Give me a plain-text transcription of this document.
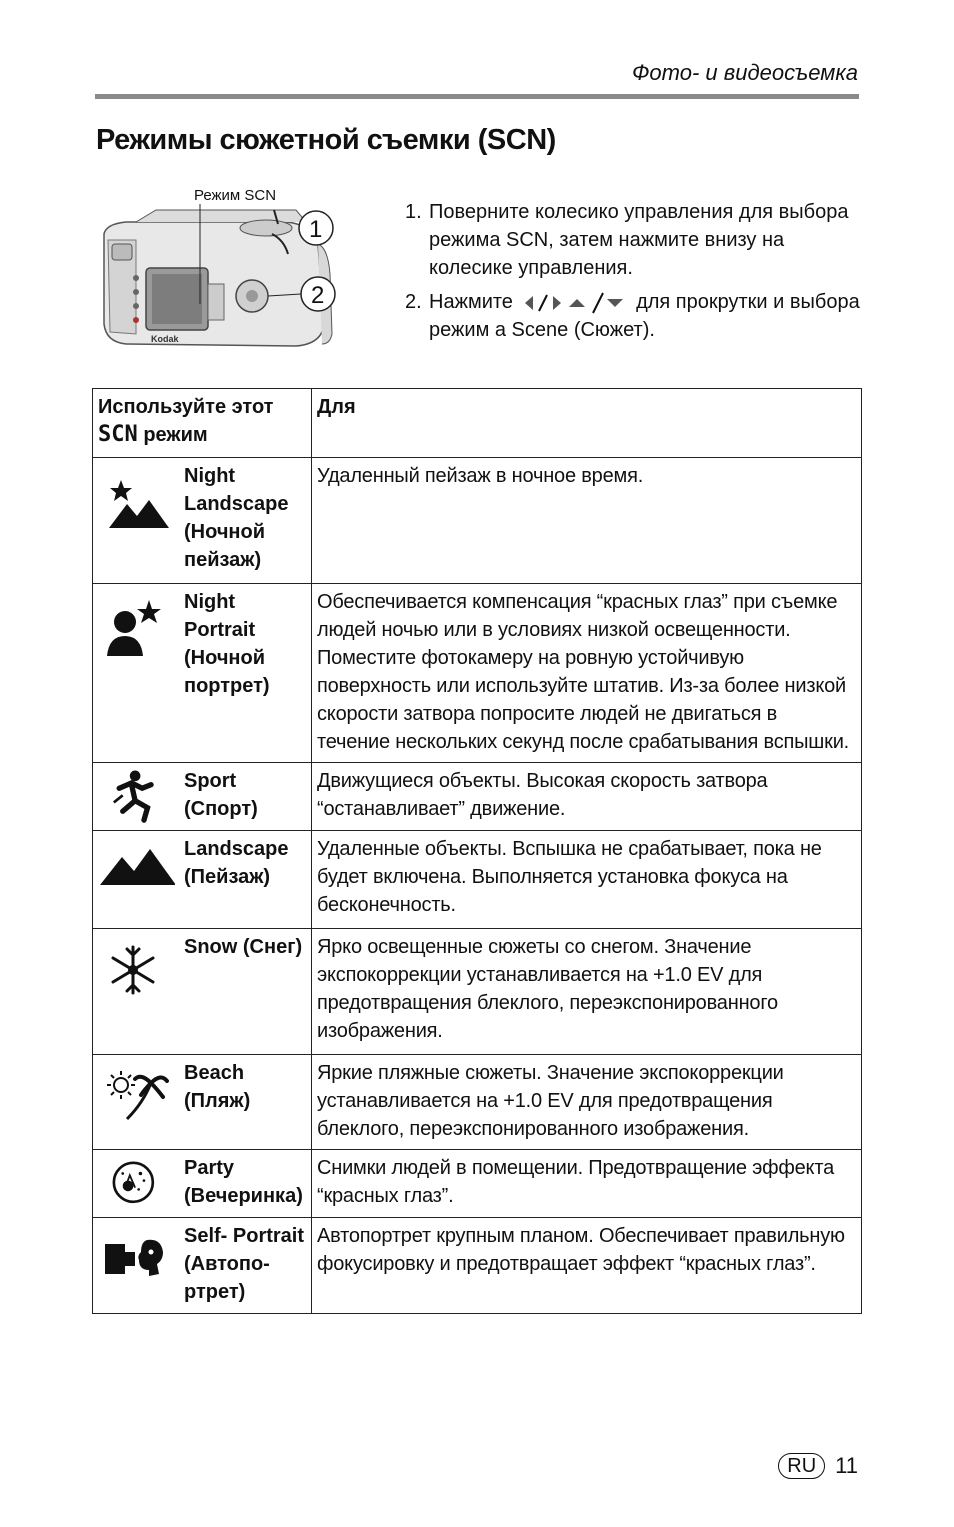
Фото- и видеосъемка
Режимы сюжетной съемки (SCN)
Режим SCN
Kodak
1
2
1. Поверните колесико управления для выбора режима SCN, затем нажмите внизу на колесике управления.
2. Нажмите	для прокрутки и выбора режим а Scene (Сюжет).
Используйте этот
SCN режим	Для

Night Landscape (Ночной пейзаж)	Удаленный пейзаж в ночное время.

Night Portrait (Ночной портрет)	Обеспечивается компенсация “красных глаз” при съемке людей ночью или в условиях низкой освещенности. Поместите фотокамеру на ровную устойчивую поверхность или используйте штатив. Из-за более низкой скорости затвора попросите людей не двигаться в течение нескольких секунд после срабатывания вспышки.

Sport (Спорт)	Движущиеся объекты. Высокая скорость затвора “останавливает” движение.

Landscape (Пейзаж)	Удаленные объекты. Вспышка не срабатывает, пока не будет включена. Выполняется установка фокуса на бесконечность.

Snow (Снег)	Ярко освещенные сюжеты со снегом. Значение экспокоррекции устанавливается на +1.0 EV для предотвращения блеклого, переэкспонированного изображения.

Beach (Пляж)	Яркие пляжные сюжеты. Значение экспокоррекции устанавливается на +1.0 EV для предотвращения блеклого, переэкспонированного изображения.

Party (Вечеринка)	Снимки людей в помещении. Предотвращение эффекта “красных глаз”.

Self- Portrait (Автопо-ртрет)	Автопортрет крупным планом. Обеспечивает правильную фокусировку и предотвращает эффект “красных глаз”.
RU 11
